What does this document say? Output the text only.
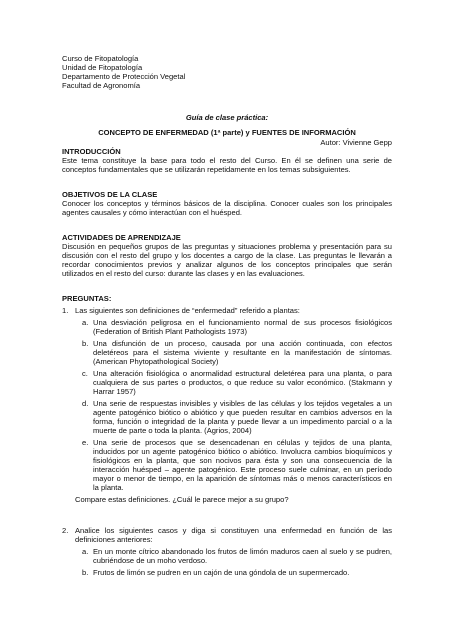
Curso de Fitopatología
Unidad de Fitopatología
Departamento de Protección Vegetal
Facultad de Agronomía
Guía de clase práctica:
CONCEPTO DE ENFERMEDAD (1ª parte) y FUENTES DE INFORMACIÓN
Autor: Vivienne Gepp
INTRODUCCIÓN

Este tema constituye la base para todo el resto del Curso. En él se definen una serie de conceptos fundamentales que se utilizarán repetidamente en los temas subsiguientes.

OBJETIVOS DE LA CLASE

Conocer los conceptos y términos básicos de la disciplina. Conocer cuales son los principales agentes causales y cómo interactúan con el huésped.

ACTIVIDADES DE APRENDIZAJE

Discusión en pequeños grupos de las preguntas y situaciones problema y presentación para su discusión con el resto del grupo y los docentes a cargo de la clase. Las preguntas le llevarán a recordar conocimientos previos y analizar algunos de los conceptos principales que serán utilizados en el resto del curso: durante las clases y en las evaluaciones.

PREGUNTAS:
1. Las siguientes son definiciones de “enfermedad” referido a plantas:
a. Una desviación peligrosa en el funcionamiento normal de sus procesos fisiológicos (Federation of British Plant Pathologists 1973)
b. Una disfunción de un proceso, causada por una acción continuada, con efectos deletéreos para el sistema viviente y resultante en la manifestación de síntomas. (American Phytopathological Society)
c. Una alteración fisiológica o anormalidad estructural deletérea para una planta, o para cualquiera de sus partes o productos, o que reduce su valor económico. (Stakmann y Harrar 1957)
d. Una serie de respuestas invisibles y visibles de las células y los tejidos vegetales a un agente patogénico biótico o abiótico y que pueden resultar en cambios adversos en la forma, función o integridad de la planta y puede llevar a un impedimento parcial o a la muerte de parte o toda la planta. (Agrios, 2004)
e. Una serie de procesos que se desencadenan en células y tejidos de una planta, inducidos por un agente patogénico biótico o abiótico. Involucra cambios bioquímicos y fisiológicos en la planta, que son nocivos para ésta y son una consecuencia de la interacción huésped – agente patogénico. Este proceso suele culminar, en un período mayor o menor de tiempo, en la aparición de síntomas más o menos característicos en la planta.
Compare estas definiciones. ¿Cuál le parece mejor a su grupo?
2. Analice los siguientes casos y diga si constituyen una enfermedad en función de las definiciones anteriores:

a. En un monte cítrico abandonado los frutos de limón maduros caen al suelo y se pudren, cubriéndose de un moho verdoso.
b. Frutos de limón se pudren en un cajón de una góndola de un supermercado.
